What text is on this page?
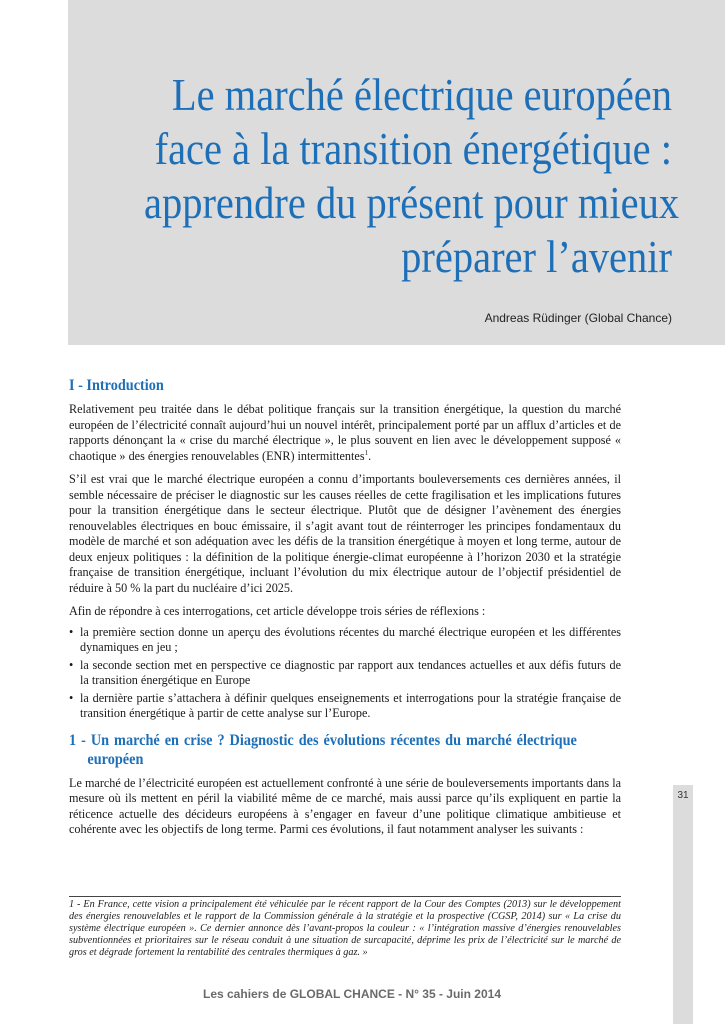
Le marché électrique européen
face à la transition énergétique :
apprendre du présent pour mieux
préparer l’avenir
Andreas Rüdinger (Global Chance)
I - Introduction

Relativement peu traitée dans le débat politique français sur la transition énergétique, la question du marché européen de l’électricité connaît aujourd’hui un nouvel intérêt, principalement porté par un afflux d’articles et de rapports dénonçant la « crise du marché électrique », le plus souvent en lien avec le développement supposé « chaotique » des énergies renouvelables (ENR) intermittentes$^1$.

S’il est vrai que le marché électrique européen a connu d’importants bouleversements ces dernières années, il semble nécessaire de préciser le diagnostic sur les causes réelles de cette fragilisation et les implications futures pour la transition énergétique dans le secteur électrique. Plutôt que de désigner l’avènement des énergies renouvelables électriques en bouc émissaire, il s’agit avant tout de réinterroger les principes fondamentaux du modèle de marché et son adéquation avec les défis de la transition énergétique à moyen et long terme, autour de deux enjeux politiques : la définition de la politique énergie-climat européenne à l’horizon 2030 et la stratégie française de transition énergétique, incluant l’évolution du mix électrique autour de l’objectif présidentiel de réduire à 50 % la part du nucléaire d’ici 2025.

Afin de répondre à ces interrogations, cet article développe trois séries de réflexions :

• la première section donne un aperçu des évolutions récentes du marché électrique européen et les différentes dynamiques en jeu ;
• la seconde section met en perspective ce diagnostic par rapport aux tendances actuelles et aux défis futurs de la transition énergétique en Europe
• la dernière partie s’attachera à définir quelques enseignements et interrogations pour la stratégie française de transition énergétique à partir de cette analyse sur l’Europe.
1 - Un marché en crise ? Diagnostic des évolutions récentes du marché électrique européen

Le marché de l’électricité européen est actuellement confronté à une série de bouleversements importants dans la mesure où ils mettent en péril la viabilité même de ce marché, mais aussi parce qu’ils expliquent en partie la réticence actuelle des décideurs européens à s’engager en faveur d’une politique climatique ambitieuse et cohérente avec les objectifs de long terme. Parmi ces évolutions, il faut notamment analyser les suivants :

31

1 - En France, cette vision a principalement été véhiculée par le récent rapport de la Cour des Comptes (2013) sur le développement des énergies renouvelables et le rapport de la Commission générale à la stratégie et la prospective (CGSP, 2014) sur « La crise du système électrique européen ». Ce dernier annonce dès l’avant-propos la couleur : « l’intégration massive d’énergies renouvelables subventionnées et prioritaires sur le réseau conduit à une situation de surcapacité, déprime les prix de l’électricité sur le marché de gros et dégrade fortement la rentabilité des centrales thermiques à gaz. »

Les cahiers de GLOBAL CHANCE - N° 35 - Juin 2014
